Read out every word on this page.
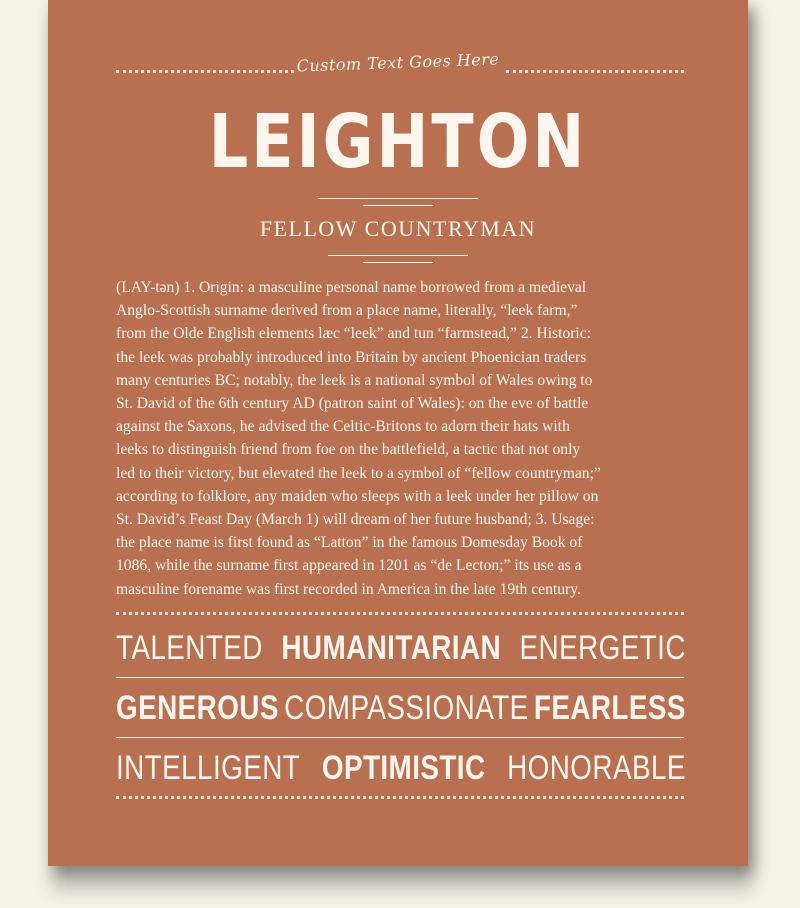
Custom Text Goes Here
LEIGHTON
FELLOW COUNTRYMAN

(LAY-tən) 1. Origin: a masculine personal name borrowed from a medieval
Anglo-Scottish surname derived from a place name, literally, “leek farm,”
from the Olde English elements læc “leek” and tun “farmstead,” 2. Historic:
the leek was probably introduced into Britain by ancient Phoenician traders
many centuries BC; notably, the leek is a national symbol of Wales owing to
St. David of the 6th century AD (patron saint of Wales): on the eve of battle
against the Saxons, he advised the Celtic-Britons to adorn their hats with
leeks to distinguish friend from foe on the battlefield, a tactic that not only
led to their victory, but elevated the leek to a symbol of “fellow countryman;”
according to folklore, any maiden who sleeps with a leek under her pillow on
St. David’s Feast Day (March 1) will dream of her future husband; 3. Usage:
the place name is first found as “Latton” in the famous Domesday Book of
1086, while the surname first appeared in 1201 as “de Lecton;” its use as a
masculine forename was first recorded in America in the late 19th century.

TALENTED HUMANITARIAN ENERGETIC
GENEROUS COMPASSIONATE FEARLESS
INTELLIGENT OPTIMISTIC HONORABLE
